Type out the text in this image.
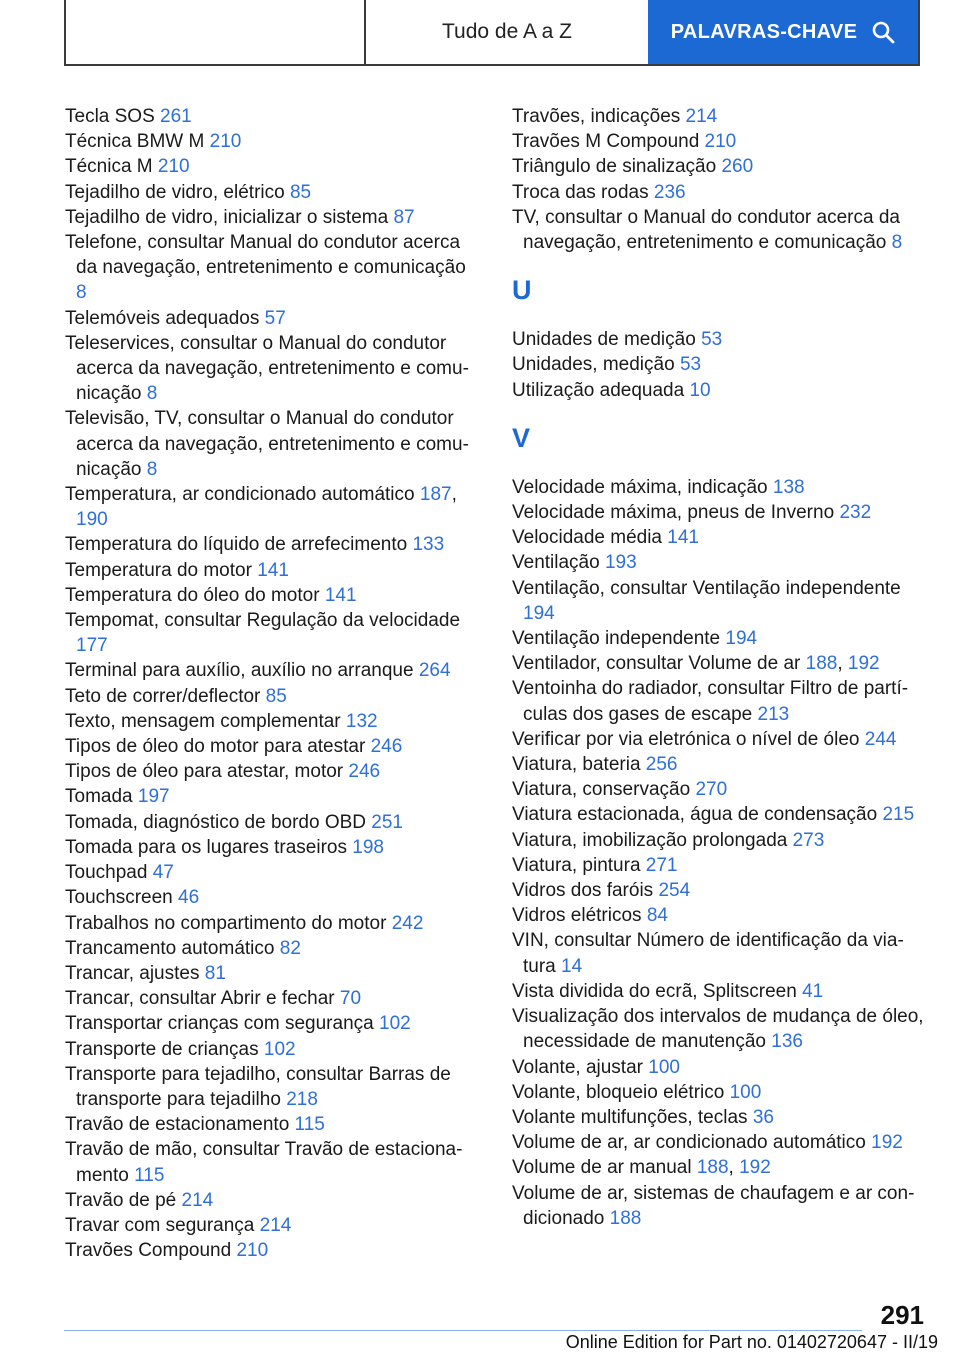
Tudo de A a Z	PALAVRAS-CHAVE
Tecla SOS 261
Técnica BMW M 210
Técnica M 210
Tejadilho de vidro, elétrico 85
Tejadilho de vidro, inicializar o sistema 87
Telefone, consultar Manual do condutor acerca da navegação, entretenimento e comunicação 8
Telemóveis adequados 57
Teleservices, consultar o Manual do condutor acerca da navegação, entretenimento e comunicação 8
Televisão, TV, consultar o Manual do condutor acerca da navegação, entretenimento e comunicação 8
Temperatura, ar condicionado automático 187, 190
Temperatura do líquido de arrefecimento 133
Temperatura do motor 141
Temperatura do óleo do motor 141
Tempomat, consultar Regulação da velocidade 177
Terminal para auxílio, auxílio no arranque 264
Teto de correr/deflector 85
Texto, mensagem complementar 132
Tipos de óleo do motor para atestar 246
Tipos de óleo para atestar, motor 246
Tomada 197
Tomada, diagnóstico de bordo OBD 251
Tomada para os lugares traseiros 198
Touchpad 47
Touchscreen 46
Trabalhos no compartimento do motor 242
Trancamento automático 82
Trancar, ajustes 81
Trancar, consultar Abrir e fechar 70
Transportar crianças com segurança 102
Transporte de crianças 102
Transporte para tejadilho, consultar Barras de transporte para tejadilho 218
Travão de estacionamento 115
Travão de mão, consultar Travão de estacionamento 115
Travão de pé 214
Travar com segurança 214
Travões Compound 210
Travões, indicações 214
Travões M Compound 210
Triângulo de sinalização 260
Troca das rodas 236
TV, consultar o Manual do condutor acerca da navegação, entretenimento e comunicação 8
U
Unidades de medição 53
Unidades, medição 53
Utilização adequada 10
V
Velocidade máxima, indicação 138
Velocidade máxima, pneus de Inverno 232
Velocidade média 141
Ventilação 193
Ventilação, consultar Ventilação independente 194
Ventilação independente 194
Ventilador, consultar Volume de ar 188, 192
Ventoinha do radiador, consultar Filtro de partículas dos gases de escape 213
Verificar por via eletrónica o nível de óleo 244
Viatura, bateria 256
Viatura, conservação 270
Viatura estacionada, água de condensação 215
Viatura, imobilização prolongada 273
Viatura, pintura 271
Vidros dos faróis 254
Vidros elétricos 84
VIN, consultar Número de identificação da viatura 14
Vista dividida do ecrã, Splitscreen 41
Visualização dos intervalos de mudança de óleo, necessidade de manutenção 136
Volante, ajustar 100
Volante, bloqueio elétrico 100
Volante multifunções, teclas 36
Volume de ar, ar condicionado automático 192
Volume de ar manual 188, 192
Volume de ar, sistemas de chaufagem e ar condicionado 188
291
Online Edition for Part no. 01402720647 - II/19
